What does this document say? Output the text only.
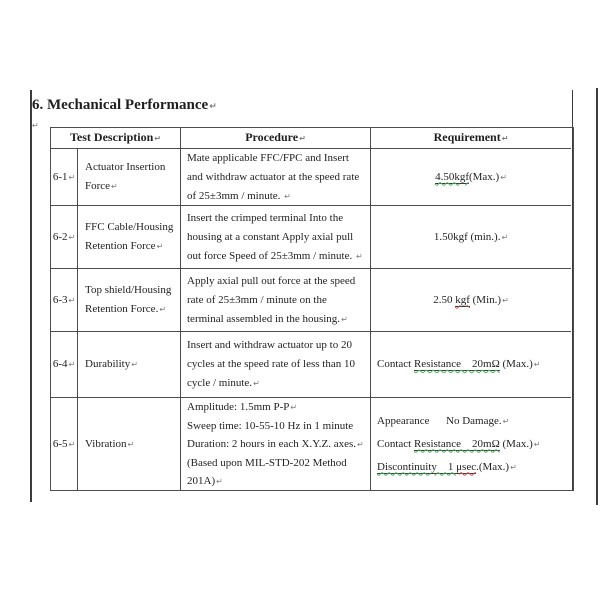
6. Mechanical Performance↵
↵
Test Description↵	Procedure↵	Requirement↵
6-1↵
Actuator Insertion
Force↵
Mate applicable FFC/FPC and Insert
and withdraw actuator at the speed rate
of 25±3mm / minute. ↵
4.50kgf(Max.)↵
6-2↵
FFC Cable/Housing
Retention Force↵
Insert the crimped terminal Into the
housing at a constant Apply axial pull
out force Speed of 25±3mm / minute. ↵
1.50kgf (min.).↵
6-3↵
Top shield/Housing
Retention Force.↵
Apply axial pull out force at the speed
rate of 25±3mm / minute on the
terminal assembled in the housing.↵
2.50 kgf (Min.)↵
6-4↵ Durability↵
Insert and withdraw actuator up to 20
cycles at the speed rate of less than 10
cycle / minute.↵
Contact Resistance    20mΩ (Max.)↵
6-5↵ Vibration↵
Amplitude: 1.5mm P-P↵
Sweep time: 10-55-10 Hz in 1 minute
Duration: 2 hours in each X.Y.Z. axes.↵
(Based upon MIL-STD-202 Method
201A)↵
Appearance      No Damage.↵
Contact Resistance    20mΩ (Max.)↵
Discontinuity    1 μsec.(Max.)↵
